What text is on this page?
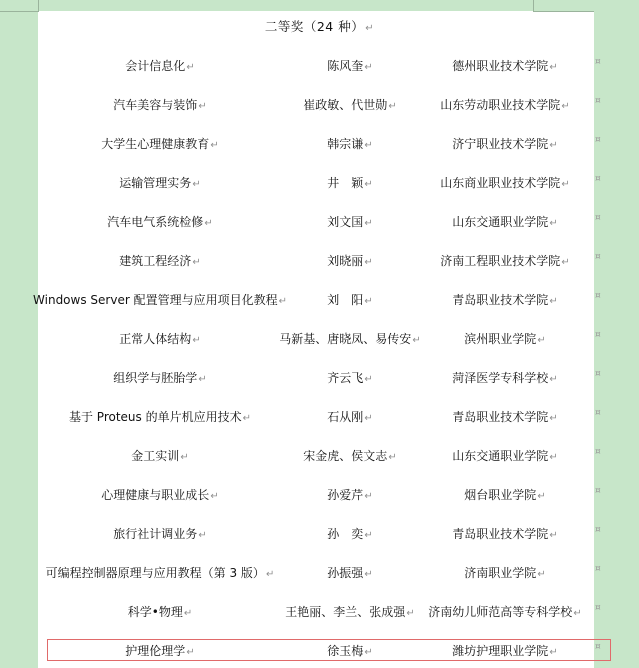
二等奖（24 种）↵
会计信息化↵	陈风奎↵	德州职业技术学院↵	¤
汽车美容与装饰↵	崔政敏、代世勋↵	山东劳动职业技术学院↵	¤
大学生心理健康教育↵	韩宗谦↵	济宁职业技术学院↵	¤
运输管理实务↵	井　颖↵	山东商业职业技术学院↵	¤
汽车电气系统检修↵	刘文国↵	山东交通职业学院↵	¤
建筑工程经济↵	刘晓丽↵	济南工程职业技术学院↵	¤
Windows Server 配置管理与应用项目化教程↵	刘　阳↵	青岛职业技术学院↵	¤
正常人体结构↵	马新基、唐晓凤、易传安↵	滨州职业学院↵	¤
组织学与胚胎学↵	齐云飞↵	菏泽医学专科学校↵	¤
基于 Proteus 的单片机应用技术↵	石从刚↵	青岛职业技术学院↵	¤
金工实训↵	宋金虎、侯文志↵	山东交通职业学院↵	¤
心理健康与职业成长↵	孙爱芹↵	烟台职业学院↵	¤
旅行社计调业务↵	孙　奕↵	青岛职业技术学院↵	¤
可编程控制器原理与应用教程（第 3 版）↵	孙振强↵	济南职业学院↵	¤
科学•物理↵	王艳丽、李兰、张成强↵ 济南幼儿师范高等专科学校↵ ¤
护理伦理学↵	徐玉梅↵	潍坊护理职业学院↵	¤
